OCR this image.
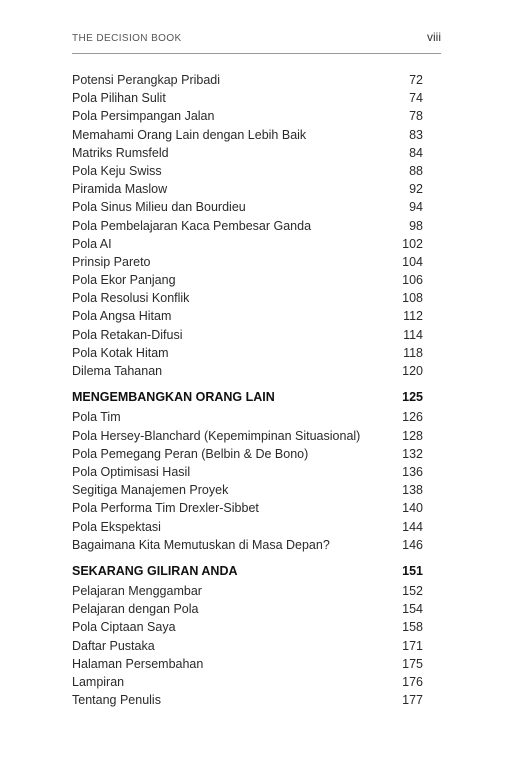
THE DECISION BOOK	viii
Potensi Perangkap Pribadi	72
Pola Pilihan Sulit	74
Pola Persimpangan Jalan	78
Memahami Orang Lain dengan Lebih Baik	83
Matriks Rumsfeld	84
Pola Keju Swiss	88
Piramida Maslow	92
Pola Sinus Milieu dan Bourdieu	94
Pola Pembelajaran Kaca Pembesar Ganda	98
Pola AI	102
Prinsip Pareto	104
Pola Ekor Panjang	106
Pola Resolusi Konflik	108
Pola Angsa Hitam	112
Pola Retakan-Difusi	114
Pola Kotak Hitam	118
Dilema Tahanan	120
MENGEMBANGKAN ORANG LAIN	125
Pola Tim	126
Pola Hersey-Blanchard (Kepemimpinan Situasional)	128
Pola Pemegang Peran (Belbin & De Bono)	132
Pola Optimisasi Hasil	136
Segitiga Manajemen Proyek	138
Pola Performa Tim Drexler-Sibbet	140
Pola Ekspektasi	144
Bagaimana Kita Memutuskan di Masa Depan?	146
SEKARANG GILIRAN ANDA	151
Pelajaran Menggambar	152
Pelajaran dengan Pola	154
Pola Ciptaan Saya	158
Daftar Pustaka	171
Halaman Persembahan	175
Lampiran	176
Tentang Penulis	177
